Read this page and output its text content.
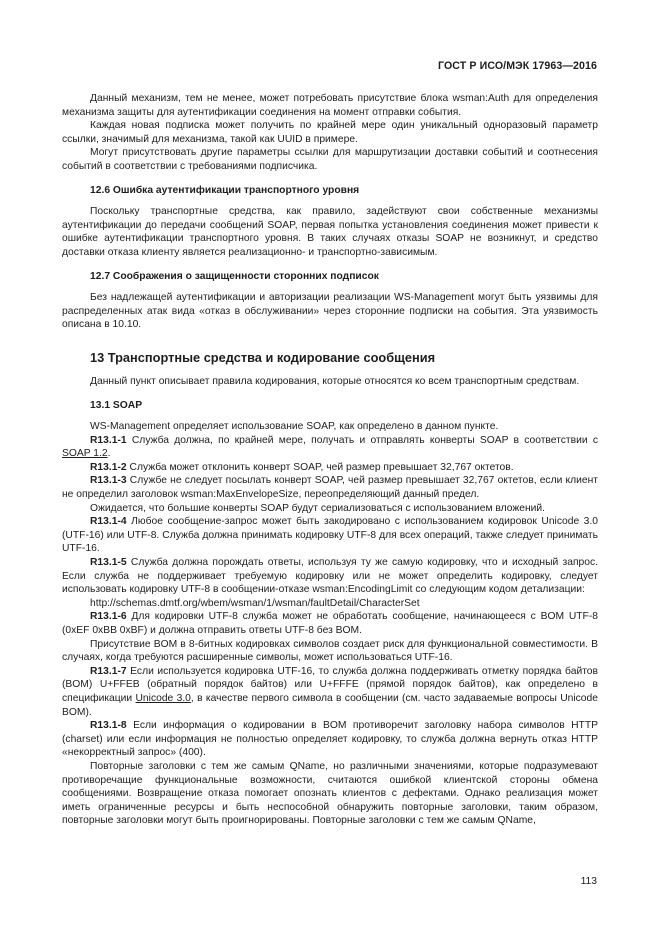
ГОСТ Р ИСО/МЭК 17963—2016

Данный механизм, тем не менее, может потребовать присутствие блока wsman:Auth для определения механизма защиты для аутентификации соединения на момент отправки события.

Каждая новая подписка может получить по крайней мере один уникальный одноразовый параметр ссылки, значимый для механизма, такой как UUID в примере.

Могут присутствовать другие параметры ссылки для маршрутизации доставки событий и соотнесения событий в соответствии с требованиями подписчика.

12.6 Ошибка аутентификации транспортного уровня

Поскольку транспортные средства, как правило, задействуют свои собственные механизмы аутентификации до передачи сообщений SOAP, первая попытка установления соединения может привести к ошибке аутентификации транспортного уровня. В таких случаях отказы SOAP не возникнут, и средство доставки отказа клиенту является реализационно- и транспортно-зависимым.

12.7 Соображения о защищенности сторонних подписок

Без надлежащей аутентификации и авторизации реализации WS-Management могут быть уязвимы для распределенных атак вида «отказ в обслуживании» через сторонние подписки на события. Эта уязвимость описана в 10.10.

13 Транспортные средства и кодирование сообщения

Данный пункт описывает правила кодирования, которые относятся ко всем транспортным средствам.

13.1 SOAP

WS-Management определяет использование SOAP, как определено в данном пункте.

R13.1-1 Служба должна, по крайней мере, получать и отправлять конверты SOAP в соответствии с SOAP 1.2.

R13.1-2 Служба может отклонить конверт SOAP, чей размер превышает 32,767 октетов.

R13.1-3 Службе не следует посылать конверт SOAP, чей размер превышает 32,767 октетов, если клиент не определил заголовок wsman:MaxEnvelopeSize, переопределяющий данный предел.

Ожидается, что большие конверты SOAP будут сериализоваться с использованием вложений.

R13.1-4 Любое сообщение-запрос может быть закодировано с использованием кодировок Unicode 3.0 (UTF-16) или UTF-8. Служба должна принимать кодировку UTF-8 для всех операций, также следует принимать UTF-16.

R13.1-5 Служба должна порождать ответы, используя ту же самую кодировку, что и исходный запрос. Если служба не поддерживает требуемую кодировку или не может определить кодировку, следует использовать кодировку UTF-8 в сообщении-отказе wsman:EncodingLimit со следующим кодом детализации:

http://schemas.dmtf.org/wbem/wsman/1/wsman/faultDetail/CharacterSet

R13.1-6 Для кодировки UTF-8 служба может не обработать сообщение, начинающееся с BOM UTF-8 (0xEF 0xBB 0xBF) и должна отправить ответы UTF-8 без BOM.

Присутствие BOM в 8-битных кодировках символов создает риск для функциональной совместимости. В случаях, когда требуются расширенные символы, может использоваться UTF-16.

R13.1-7 Если используется кодировка UTF-16, то служба должна поддерживать отметку порядка байтов (BOM) U+FFEB (обратный порядок байтов) или U+FFFE (прямой порядок байтов), как определено в спецификации Unicode 3.0, в качестве первого символа в сообщении (см. часто задаваемые вопросы Unicode BOM).

R13.1-8 Если информация о кодировании в BOM противоречит заголовку набора символов HTTP (charset) или если информация не полностью определяет кодировку, то служба должна вернуть отказ HTTP «некорректный запрос» (400).

Повторные заголовки с тем же самым QName, но различными значениями, которые подразумевают противоречащие функциональные возможности, считаются ошибкой клиентской стороны обмена сообщениями. Возвращение отказа помогает опознать клиентов с дефектами. Однако реализация может иметь ограниченные ресурсы и быть неспособной обнаружить повторные заголовки, таким образом, повторные заголовки могут быть проигнорированы. Повторные заголовки с тем же самым QName,

113
